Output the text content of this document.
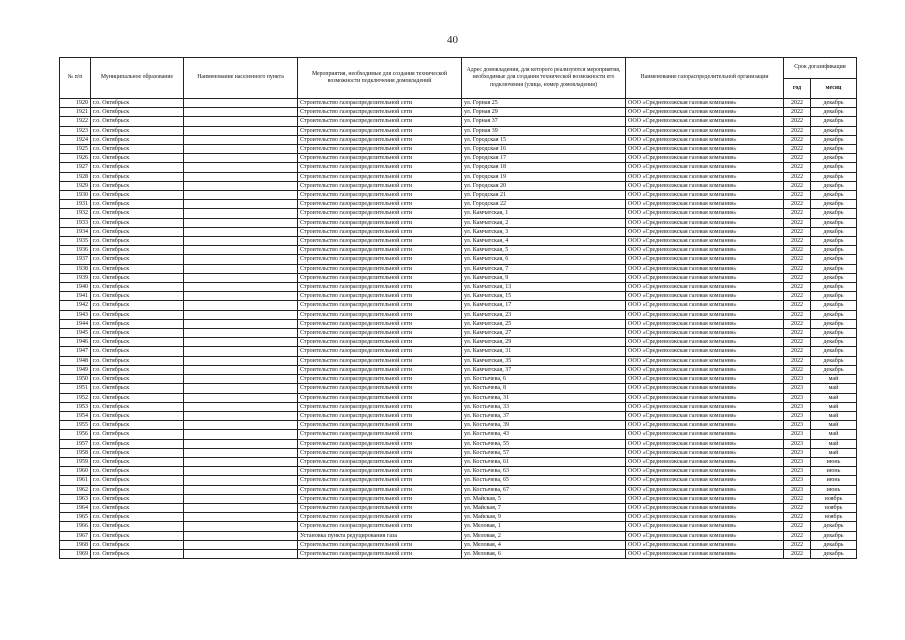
40
№ п/п	Муниципальное образование	Наименование населенного пункта	Мероприятия, необходимые для создания технической возможности подключения домовладений	Адрес домовладения, для которого реализуются мероприятия, необходимые для создания технической возможности его подключения (улица, номер домовладения)	Наименование газораспределительной организации	Срок догазификации	
						год	месяц
1920	г.о. Октябрьск		Строительство газораспределительной сети	ул. Горная 25	ООО «Средневолжская газовая компания»	2022	декабрь
1921	г.о. Октябрьск		Строительство газораспределительной сети	ул. Горная 29	ООО «Средневолжская газовая компания»	2022	декабрь
1922	г.о. Октябрьск		Строительство газораспределительной сети	ул. Горная 37	ООО «Средневолжская газовая компания»	2022	декабрь
1923	г.о. Октябрьск		Строительство газораспределительной сети	ул. Горная 39	ООО «Средневолжская газовая компания»	2022	декабрь
1924	г.о. Октябрьск		Строительство газораспределительной сети	ул. Городская 15	ООО «Средневолжская газовая компания»	2022	декабрь
1925	г.о. Октябрьск		Строительство газораспределительной сети	ул. Городская 16	ООО «Средневолжская газовая компания»	2022	декабрь
1926	г.о. Октябрьск		Строительство газораспределительной сети	ул. Городская 17	ООО «Средневолжская газовая компания»	2022	декабрь
1927	г.о. Октябрьск		Строительство газораспределительной сети	ул. Городская 18	ООО «Средневолжская газовая компания»	2022	декабрь
1928	г.о. Октябрьск		Строительство газораспределительной сети	ул. Городская 19	ООО «Средневолжская газовая компания»	2022	декабрь
1929	г.о. Октябрьск		Строительство газораспределительной сети	ул. Городская 20	ООО «Средневолжская газовая компания»	2022	декабрь
1930	г.о. Октябрьск		Строительство газораспределительной сети	ул. Городская 21	ООО «Средневолжская газовая компания»	2022	декабрь
1931	г.о. Октябрьск		Строительство газораспределительной сети	ул. Городская 22	ООО «Средневолжская газовая компания»	2022	декабрь
1932	г.о. Октябрьск		Строительство газораспределительной сети	ул. Камчатская, 1	ООО «Средневолжская газовая компания»	2022	декабрь
1933	г.о. Октябрьск		Строительство газораспределительной сети	ул. Камчатская, 2	ООО «Средневолжская газовая компания»	2022	декабрь
1934	г.о. Октябрьск		Строительство газораспределительной сети	ул. Камчатская, 3	ООО «Средневолжская газовая компания»	2022	декабрь
1935	г.о. Октябрьск		Строительство газораспределительной сети	ул. Камчатская, 4	ООО «Средневолжская газовая компания»	2022	декабрь
1936	г.о. Октябрьск		Строительство газораспределительной сети	ул. Камчатская, 5	ООО «Средневолжская газовая компания»	2022	декабрь
1937	г.о. Октябрьск		Строительство газораспределительной сети	ул. Камчатская, 6	ООО «Средневолжская газовая компания»	2022	декабрь
1938	г.о. Октябрьск		Строительство газораспределительной сети	ул. Камчатская, 7	ООО «Средневолжская газовая компания»	2022	декабрь
1939	г.о. Октябрьск		Строительство газораспределительной сети	ул. Камчатская, 9	ООО «Средневолжская газовая компания»	2022	декабрь
1940	г.о. Октябрьск		Строительство газораспределительной сети	ул. Камчатская, 13	ООО «Средневолжская газовая компания»	2022	декабрь
1941	г.о. Октябрьск		Строительство газораспределительной сети	ул. Камчатская, 15	ООО «Средневолжская газовая компания»	2022	декабрь
1942	г.о. Октябрьск		Строительство газораспределительной сети	ул. Камчатская, 17	ООО «Средневолжская газовая компания»	2022	декабрь
1943	г.о. Октябрьск		Строительство газораспределительной сети	ул. Камчатская, 23	ООО «Средневолжская газовая компания»	2022	декабрь
1944	г.о. Октябрьск		Строительство газораспределительной сети	ул. Камчатская, 25	ООО «Средневолжская газовая компания»	2022	декабрь
1945	г.о. Октябрьск		Строительство газораспределительной сети	ул. Камчатская, 27	ООО «Средневолжская газовая компания»	2022	декабрь
1946	г.о. Октябрьск		Строительство газораспределительной сети	ул. Камчатская, 29	ООО «Средневолжская газовая компания»	2022	декабрь
1947	г.о. Октябрьск		Строительство газораспределительной сети	ул. Камчатская, 31	ООО «Средневолжская газовая компания»	2022	декабрь
1948	г.о. Октябрьск		Строительство газораспределительной сети	ул. Камчатская, 35	ООО «Средневолжская газовая компания»	2022	декабрь
1949	г.о. Октябрьск		Строительство газораспределительной сети	ул. Камчатская, 37	ООО «Средневолжская газовая компания»	2022	декабрь
1950	г.о. Октябрьск		Строительство газораспределительной сети	ул. Костычева, 6	ООО «Средневолжская газовая компания»	2023	май
1951	г.о. Октябрьск		Строительство газораспределительной сети	ул. Костычева, 8	ООО «Средневолжская газовая компания»	2023	май
1952	г.о. Октябрьск		Строительство газораспределительной сети	ул. Костычева, 31	ООО «Средневолжская газовая компания»	2023	май
1953	г.о. Октябрьск		Строительство газораспределительной сети	ул. Костычева, 33	ООО «Средневолжская газовая компания»	2023	май
1954	г.о. Октябрьск		Строительство газораспределительной сети	ул. Костычева, 37	ООО «Средневолжская газовая компания»	2023	май
1955	г.о. Октябрьск		Строительство газораспределительной сети	ул. Костычева, 39	ООО «Средневолжская газовая компания»	2023	май
1956	г.о. Октябрьск		Строительство газораспределительной сети	ул. Костычева, 43	ООО «Средневолжская газовая компания»	2023	май
1957	г.о. Октябрьск		Строительство газораспределительной сети	ул. Костычева, 55	ООО «Средневолжская газовая компания»	2023	май
1958	г.о. Октябрьск		Строительство газораспределительной сети	ул. Костычева, 57	ООО «Средневолжская газовая компания»	2023	май
1959	г.о. Октябрьск		Строительство газораспределительной сети	ул. Костычева, 61	ООО «Средневолжская газовая компания»	2023	июнь
1960	г.о. Октябрьск		Строительство газораспределительной сети	ул. Костычева, 63	ООО «Средневолжская газовая компания»	2023	июнь
1961	г.о. Октябрьск		Строительство газораспределительной сети	ул. Костычева, 65	ООО «Средневолжская газовая компания»	2023	июнь
1962	г.о. Октябрьск		Строительство газораспределительной сети	ул. Костычева, 67	ООО «Средневолжская газовая компания»	2023	июнь
1963	г.о. Октябрьск		Строительство газораспределительной сети	ул. Майская, 5	ООО «Средневолжская газовая компания»	2022	ноябрь
1964	г.о. Октябрьск		Строительство газораспределительной сети	ул. Майская, 7	ООО «Средневолжская газовая компания»	2022	ноябрь
1965	г.о. Октябрьск		Строительство газораспределительной сети	ул. Майская, 9	ООО «Средневолжская газовая компания»	2022	ноябрь
1966	г.о. Октябрьск		Строительство газораспределительной сети	ул. Меловая, 1	ООО «Средневолжская газовая компания»	2022	декабрь
1967	г.о. Октябрьск		Установка пункта редуцирования газа	ул. Меловая, 2	ООО «Средневолжская газовая компания»	2022	декабрь
1968	г.о. Октябрьск		Строительство газораспределительной сети	ул. Меловая, 4	ООО «Средневолжская газовая компания»	2022	декабрь
1969	г.о. Октябрьск		Строительство газораспределительной сети	ул. Меловая, 6	ООО «Средневолжская газовая компания»	2022	декабрь
